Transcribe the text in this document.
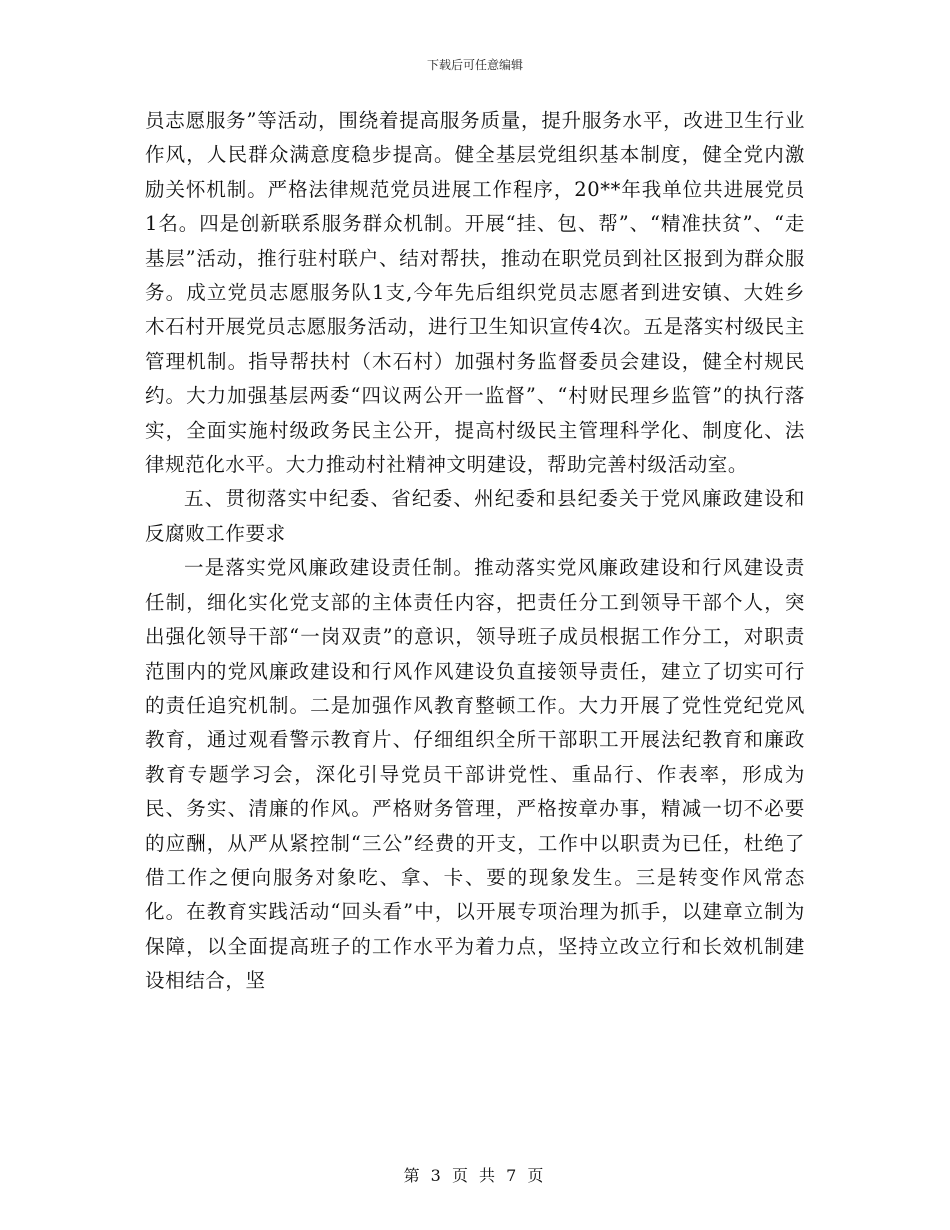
下载后可任意编辑

员志愿服务”等活动，围绕着提高服务质量，提升服务水平，改进卫生行业作风，人民群众满意度稳步提高。健全基层党组织基本制度，健全党内激励关怀机制。严格法律规范党员进展工作程序，20**年我单位共进展党员1名。四是创新联系服务群众机制。开展“挂、包、帮”、“精准扶贫”、“走基层”活动，推行驻村联户、结对帮扶，推动在职党员到社区报到为群众服务。成立党员志愿服务队1支,今年先后组织党员志愿者到进安镇、大姓乡木石村开展党员志愿服务活动，进行卫生知识宣传4次。五是落实村级民主管理机制。指导帮扶村（木石村）加强村务监督委员会建设，健全村规民约。大力加强基层两委“四议两公开一监督”、“村财民理乡监管”的执行落实，全面实施村级政务民主公开，提高村级民主管理科学化、制度化、法律规范化水平。大力推动村社精神文明建设，帮助完善村级活动室。

五、贯彻落实中纪委、省纪委、州纪委和县纪委关于党风廉政建设和反腐败工作要求

一是落实党风廉政建设责任制。推动落实党风廉政建设和行风建设责任制，细化实化党支部的主体责任内容，把责任分工到领导干部个人，突出强化领导干部“一岗双责”的意识，领导班子成员根据工作分工，对职责范围内的党风廉政建设和行风作风建设负直接领导责任，建立了切实可行的责任追究机制。二是加强作风教育整顿工作。大力开展了党性党纪党风教育，通过观看警示教育片、仔细组织全所干部职工开展法纪教育和廉政教育专题学习会，深化引导党员干部讲党性、重品行、作表率，形成为民、务实、清廉的作风。严格财务管理，严格按章办事，精减一切不必要的应酬，从严从紧控制“三公”经费的开支，工作中以职责为已任，杜绝了借工作之便向服务对象吃、拿、卡、要的现象发生。三是转变作风常态化。在教育实践活动“回头看”中，以开展专项治理为抓手，以建章立制为保障，以全面提高班子的工作水平为着力点，坚持立改立行和长效机制建设相结合，坚

第 3 页 共 7 页
